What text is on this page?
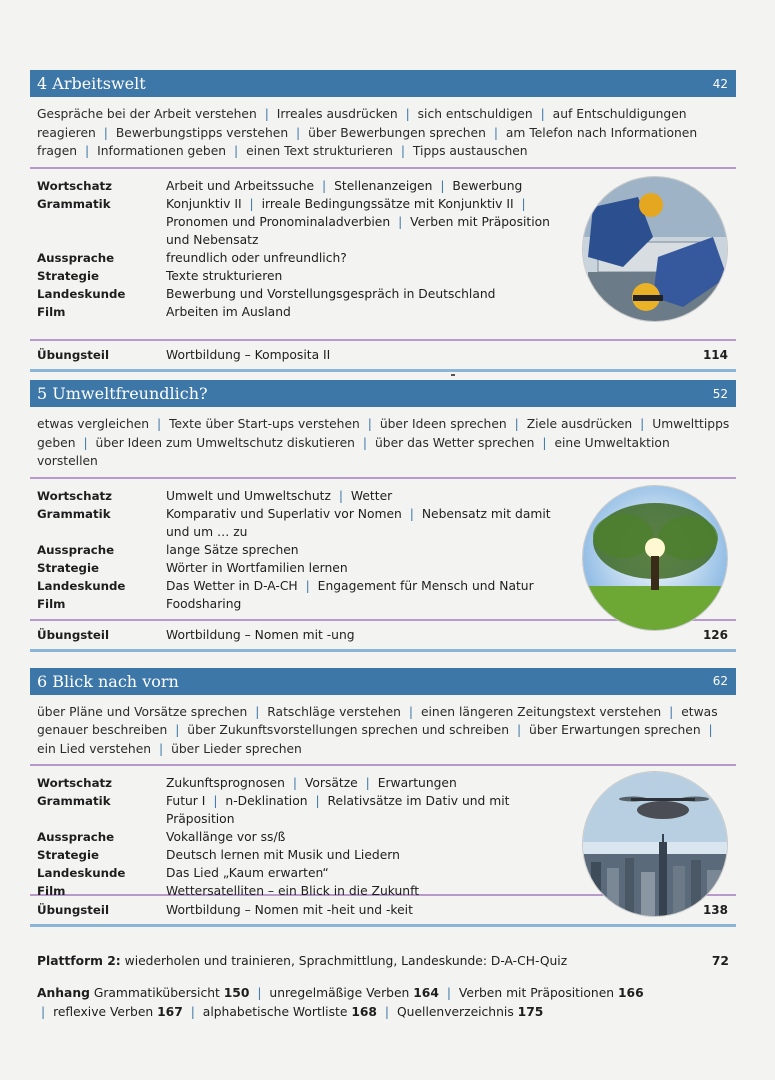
4 Arbeitswelt	42
Gespräche bei der Arbeit verstehen | Irreales ausdrücken | sich entschuldigen | auf Entschuldigungen reagieren | Bewerbungstipps verstehen | über Bewerbungen sprechen | am Telefon nach Informationen fragen | Informationen geben | einen Text strukturieren | Tipps austauschen
Wortschatz	Arbeit und Arbeitssuche | Stellenanzeigen | Bewerbung
Grammatik	Konjunktiv II | irreale Bedingungssätze mit Konjunktiv II | Pronomen und Pronominaladverbien | Verben mit Präposition und Nebensatz
Aussprache	freundlich oder unfreundlich?
Strategie	Texte strukturieren
Landeskunde	Bewerbung und Vorstellungsgespräch in Deutschland
Film	Arbeiten im Ausland
Übungsteil	Wortbildung – Komposita II	114
5 Umweltfreundlich?	52
etwas vergleichen | Texte über Start-ups verstehen | über Ideen sprechen | Ziele ausdrücken | Umwelttipps geben | über Ideen zum Umweltschutz diskutieren | über das Wetter sprechen | eine Umweltaktion vorstellen
Wortschatz	Umwelt und Umweltschutz | Wetter
Grammatik	Komparativ und Superlativ vor Nomen | Nebensatz mit damit und um … zu
Aussprache	lange Sätze sprechen
Strategie	Wörter in Wortfamilien lernen
Landeskunde	Das Wetter in D-A-CH | Engagement für Mensch und Natur
Film	Foodsharing
Übungsteil	Wortbildung – Nomen mit -ung	126
6 Blick nach vorn	62
über Pläne und Vorsätze sprechen | Ratschläge verstehen | einen längeren Zeitungstext verstehen | etwas genauer beschreiben | über Zukunftsvorstellungen sprechen und schreiben | über Erwartungen sprechen | ein Lied verstehen | über Lieder sprechen
Wortschatz	Zukunftsprognosen | Vorsätze | Erwartungen
Grammatik	Futur I | n-Deklination | Relativsätze im Dativ und mit Präposition
Aussprache	Vokallänge vor ss/ß
Strategie	Deutsch lernen mit Musik und Liedern
Landeskunde	Das Lied „Kaum erwarten“
Film	Wettersatelliten – ein Blick in die Zukunft
Übungsteil	Wortbildung – Nomen mit -heit und -keit	138
Plattform 2: wiederholen und trainieren, Sprachmittlung, Landeskunde: D-A-CH-Quiz	72
Anhang Grammatikübersicht 150 | unregelmäßige Verben 164 | Verben mit Präpositionen 166 | reflexive Verben 167 | alphabetische Wortliste 168 | Quellenverzeichnis 175
